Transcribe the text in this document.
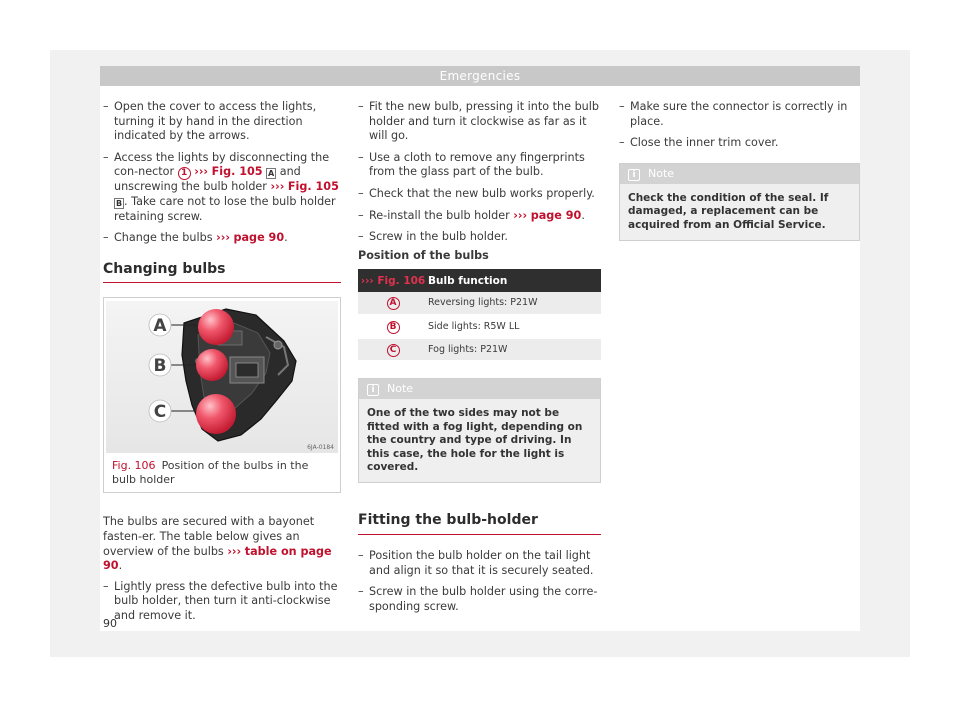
Emergencies
– Open the cover to access the lights, turning it by hand in the direction indicated by the arrows.
– Access the lights by disconnecting the con-nector 1 ››› Fig. 105 A and unscrewing the bulb holder ››› Fig. 105 B . Take care not to lose the bulb holder retaining screw.
– Change the bulbs ››› page 90.
Changing bulbs
A
B
C
6JA-0184
Fig. 106 Position of the bulbs in the bulb holder

The bulbs are secured with a bayonet fasten-er. The table below gives an overview of the bulbs ››› table on page 90.

– Lightly press the defective bulb into the bulb holder, then turn it anti-clockwise and remove it.
– Fit the new bulb, pressing it into the bulb holder and turn it clockwise as far as it will go.
– Use a cloth to remove any fingerprints from the glass part of the bulb.
– Check that the new bulb works properly.
– Re-install the bulb holder ››› page 90.
– Screw in the bulb holder.
Position of the bulbs
››› Fig. 106	Bulb function
A	Reversing lights: P21W
B	Side lights: R5W LL
C	Fog lights: P21W
i Note
One of the two sides may not be fitted with a fog light, depending on the country and type of driving. In this case, the hole for the light is covered.
Fitting the bulb-holder
– Position the bulb holder on the tail light and align it so that it is securely seated.
– Screw in the bulb holder using the corre-sponding screw.
– Make sure the connector is correctly in place.
– Close the inner trim cover.
i Note
Check the condition of the seal. If damaged, a replacement can be acquired from an Official Service.
90
